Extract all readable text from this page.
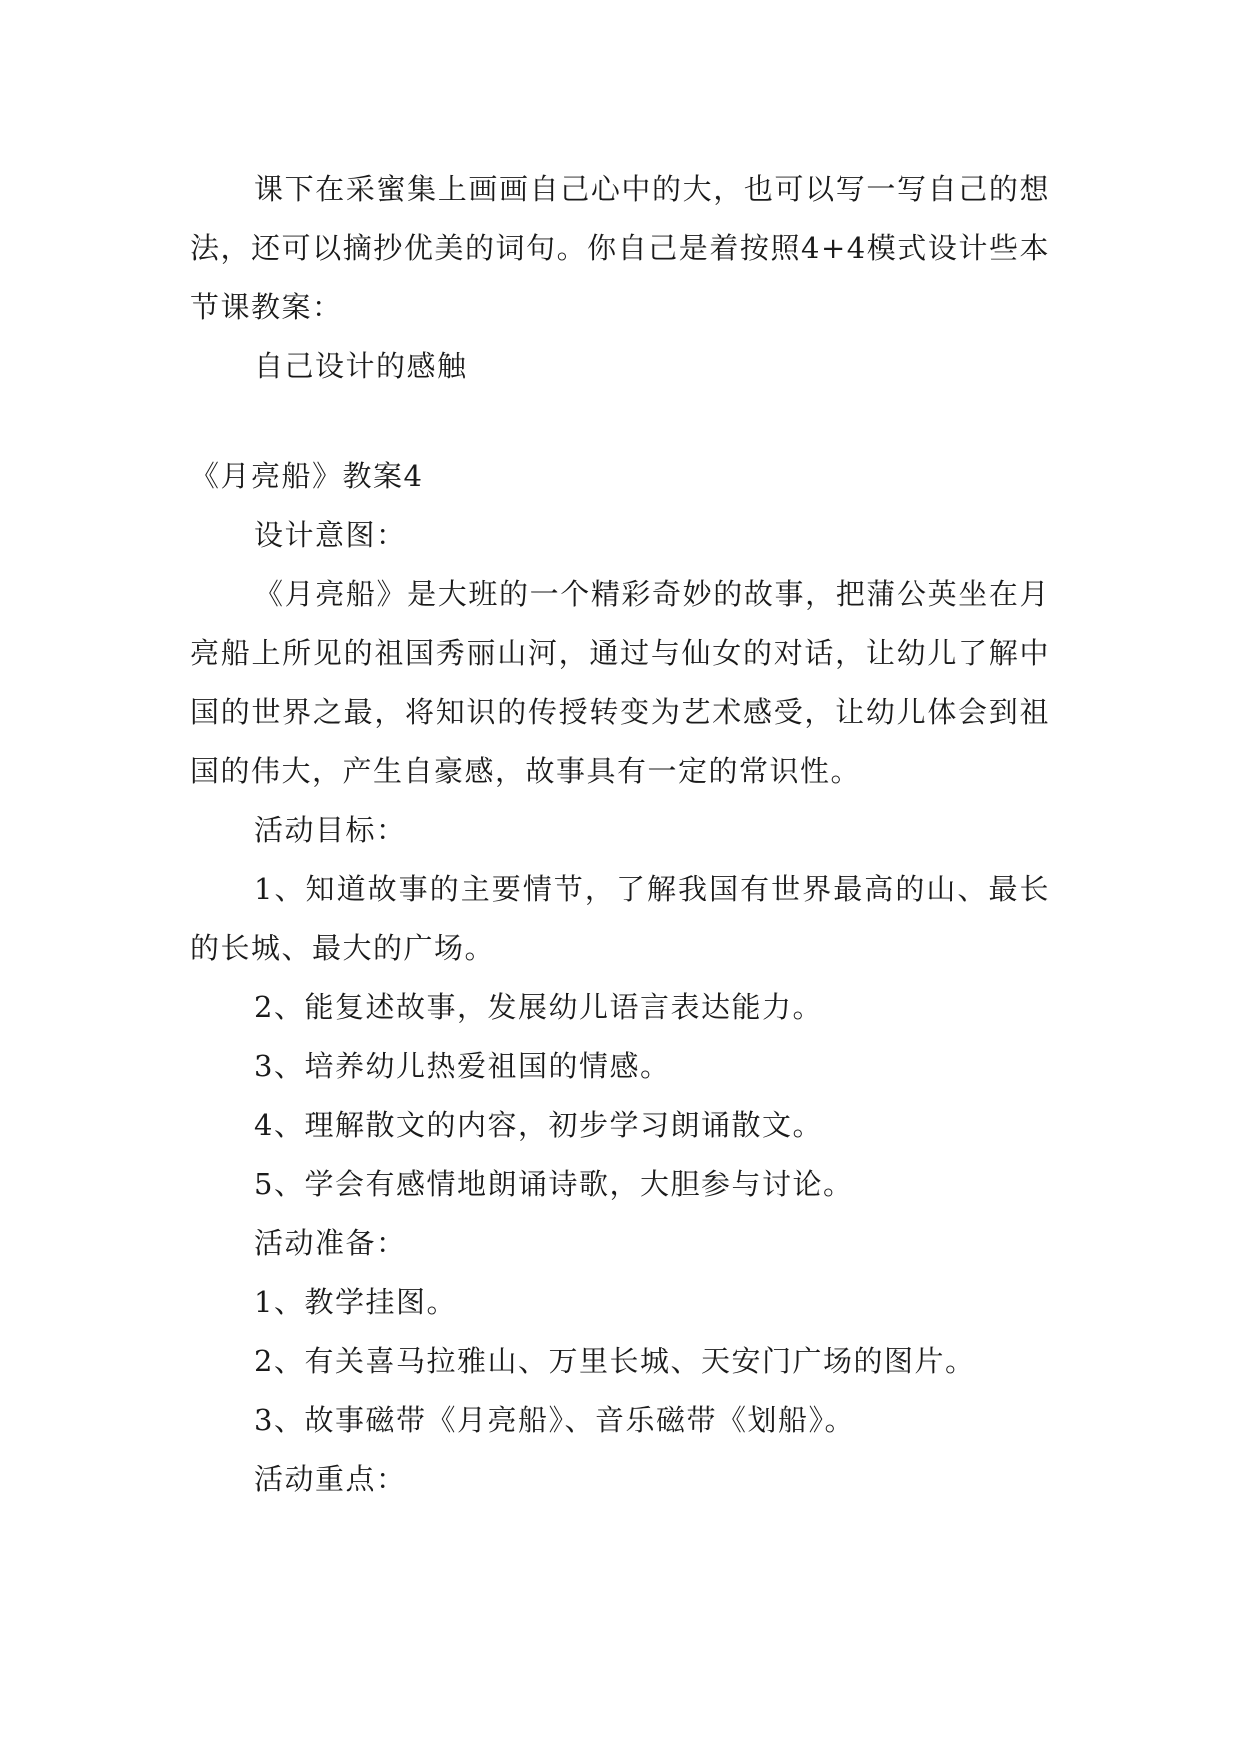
课下在采蜜集上画画自己心中的大，也可以写一写自己的想法，还可以摘抄优美的词句。你自己是着按照4+4模式设计些本节课教案：

自己设计的感触

《月亮船》教案4

设计意图：

《月亮船》是大班的一个精彩奇妙的故事，把蒲公英坐在月亮船上所见的祖国秀丽山河，通过与仙女的对话，让幼儿了解中国的世界之最，将知识的传授转变为艺术感受，让幼儿体会到祖国的伟大，产生自豪感，故事具有一定的常识性。

活动目标：

1、知道故事的主要情节，了解我国有世界最高的山、最长的长城、最大的广场。

2、能复述故事，发展幼儿语言表达能力。

3、培养幼儿热爱祖国的情感。

4、理解散文的内容，初步学习朗诵散文。

5、学会有感情地朗诵诗歌，大胆参与讨论。

活动准备：

1、教学挂图。

2、有关喜马拉雅山、万里长城、天安门广场的图片。

3、故事磁带《月亮船》、音乐磁带《划船》。

活动重点：
